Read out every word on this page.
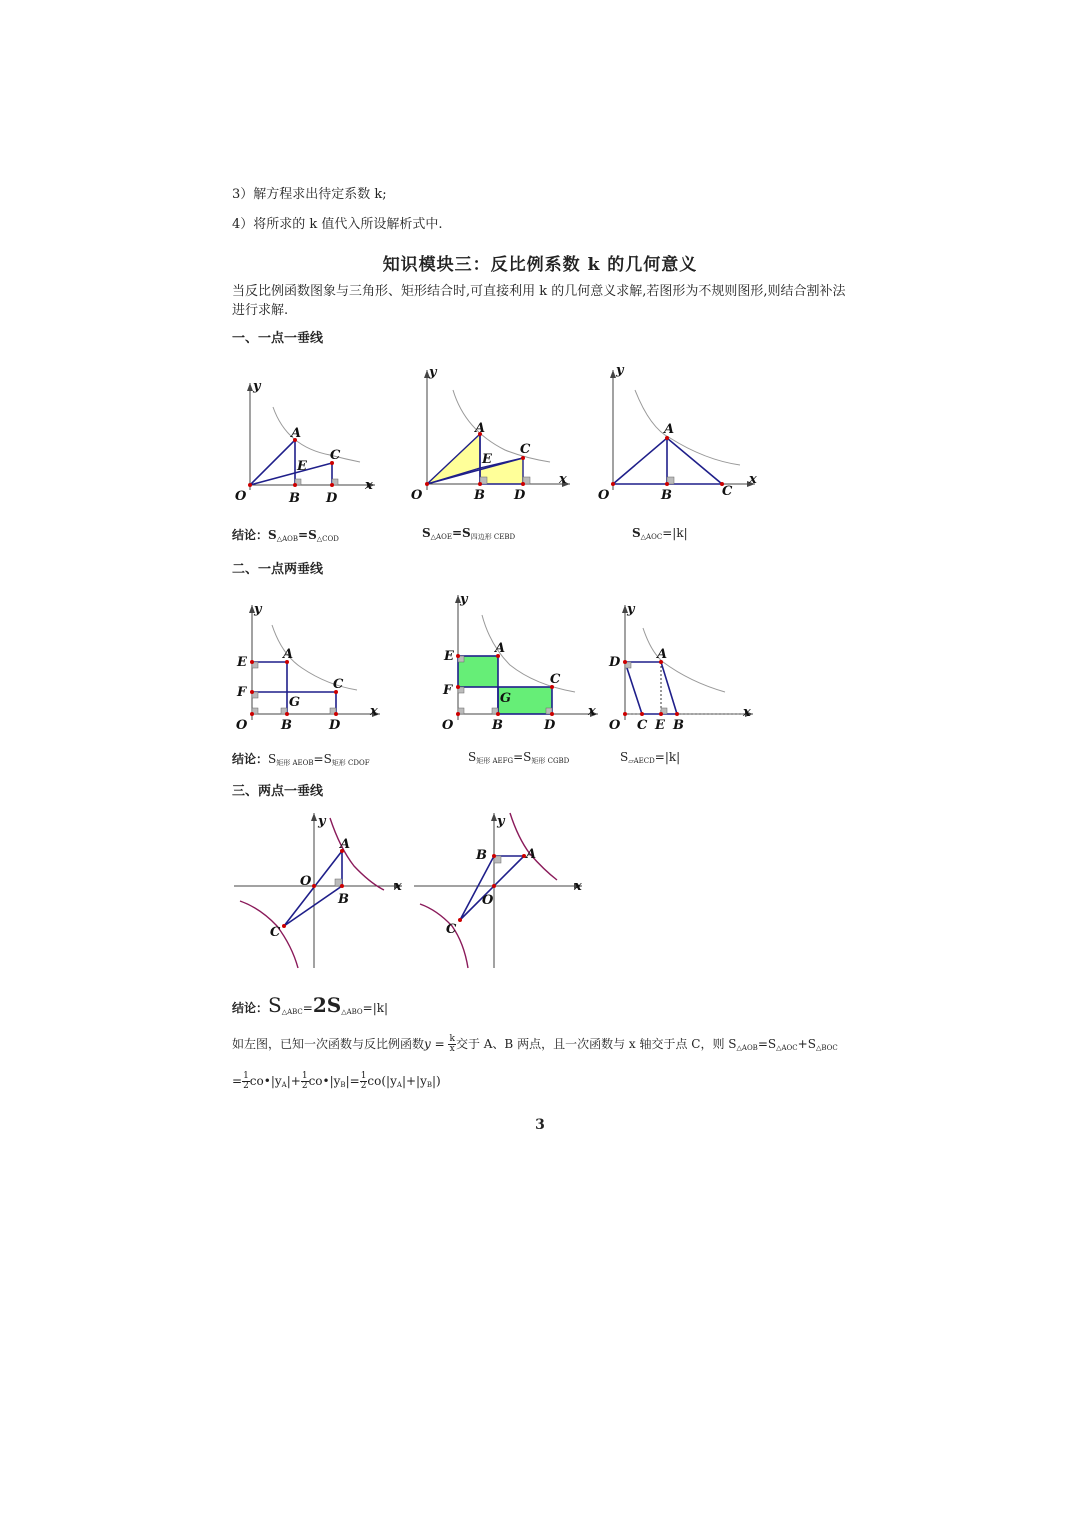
3）解方程求出待定系数 k;
4）将所求的 k 值代入所设解析式中.
知识模块三：反比例系数 k 的几何意义
当反比例函数图象与三角形、矩形结合时,可直接利用 k 的几何意义求解,若图形为不规则图形,则结合割补法
进行求解.
一、一点一垂线
O
y
x
A
E
C
B D	O
y
x
A
E
C
B D	O
y
x
A
B	C
结论：$S_{\triangle AOB}=S_{\triangle COD}$	$S_{\triangle AOE}=S_{四边形 CEBD}$	$S_{\triangle AOC}=|k|$
二、一点两垂线
O
y
x
E
F
A
C
G
B	D	O
y
x
E
F
A
C
G
B	D	O
y
x
D
A
C E B
结论：$S_{矩形 AEOB}=S_{矩形 CDOF}$	$S_{矩形 AEFG}=S_{矩形 CGBD}$	$S_{▱AECD}=|k|$
三、两点一垂线
O
y
x
A
B
C
O
y
x
A
B
C
结论：$S_{\triangle ABC}=2S_{\triangle ABO}=|k|$
如左图，已知一次函数与反比例函数$y = \frac{k}{x}$ 交于 A、B 两点，且一次函数与 x 轴交于点 C，则 $S_{\triangle AOB}=S_{\triangle AOC}+S_{\triangle BOC}$
= $\frac{1}{2}$ $co•|y_A|+ \frac{1}{2}$ $co•|y_B|= \frac{1}{2} co(|y_A|+|y_B|)$
3
